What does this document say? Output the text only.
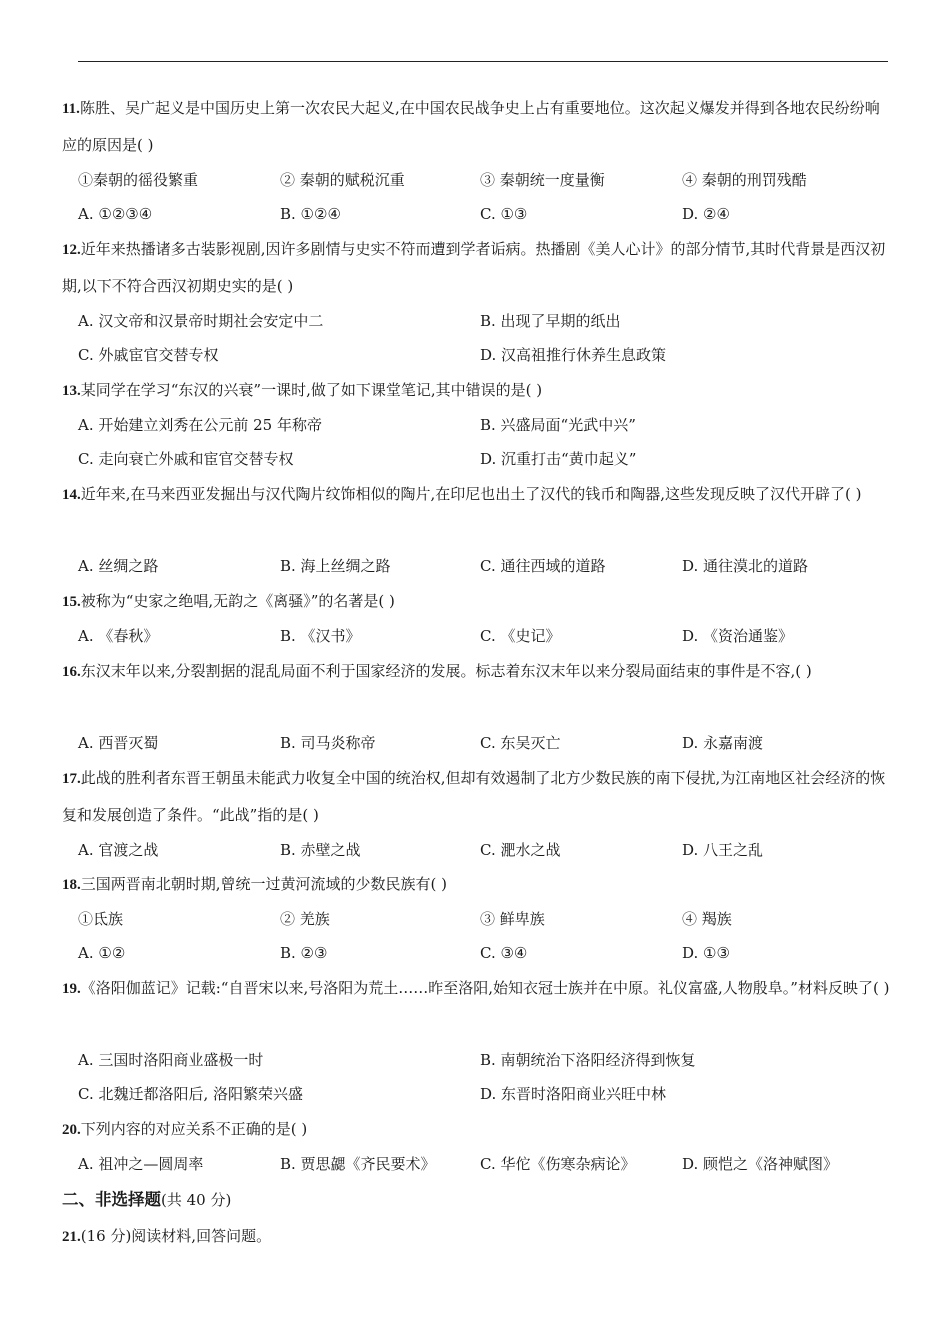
11.陈胜、吴广起义是中国历史上第一次农民大起义,在中国农民战争史上占有重要地位。这次起义爆发并得到各地农民纷纷响应的原因是( )
①秦朝的徭役繁重	② 秦朝的赋税沉重	③ 秦朝统一度量衡	④ 秦朝的刑罚残酷
A. ①②③④	B. ①②④	C. ①③	D. ②④
12.近年来热播诸多古装影视剧,因许多剧情与史实不符而遭到学者诟病。热播剧《美人心计》的部分情节,其时代背景是西汉初期,以下不符合西汉初期史实的是( )
A. 汉文帝和汉景帝时期社会安定中二	B. 出现了早期的纸出
C. 外戚宦官交替专权	D. 汉高祖推行休养生息政策
13.某同学在学习“东汉的兴衰”一课时,做了如下课堂笔记,其中错误的是( )
A. 开始建立刘秀在公元前 25 年称帝	B. 兴盛局面“光武中兴”
C. 走向衰亡外戚和宦官交替专权	D. 沉重打击“黄巾起义”
14.近年来,在马来西亚发掘出与汉代陶片纹饰相似的陶片,在印尼也出土了汉代的钱币和陶器,这些发现反映了汉代开辟了( )
A. 丝绸之路	B. 海上丝绸之路	C. 通往西域的道路	D. 通往漠北的道路
15.被称为“史家之绝唱,无韵之《离骚》”的名著是( )
A. 《春秋》	B. 《汉书》	C. 《史记》	D. 《资治通鉴》
16.东汉末年以来,分裂割据的混乱局面不利于国家经济的发展。标志着东汉末年以来分裂局面结束的事件是不容,( )
A. 西晋灭蜀	B. 司马炎称帝	C. 东吴灭亡	D. 永嘉南渡
17.此战的胜利者东晋王朝虽未能武力收复全中国的统治权,但却有效遏制了北方少数民族的南下侵扰,为江南地区社会经济的恢复和发展创造了条件。“此战”指的是( )
A. 官渡之战	B. 赤壁之战	C. 淝水之战	D. 八王之乱
18.三国两晋南北朝时期,曾统一过黄河流域的少数民族有( )
①氐族	② 羌族	③ 鲜卑族	④ 羯族
A. ①②	B. ②③	C. ③④	D. ①③
19.《洛阳伽蓝记》记载:“自晋宋以来,号洛阳为荒土……昨至洛阳,始知衣冠士族并在中原。礼仪富盛,人物殷阜。”材料反映了( )
A. 三国时洛阳商业盛极一时	B. 南朝统治下洛阳经济得到恢复
C. 北魏迁都洛阳后, 洛阳繁荣兴盛	D. 东晋时洛阳商业兴旺中林
20.下列内容的对应关系不正确的是( )
A. 祖冲之—圆周率	B. 贾思勰《齐民要术》	C. 华佗《伤寒杂病论》	D. 顾恺之《洛神赋图》
二、非选择题(共 40 分)
21.(16 分)阅读材料,回答问题。
